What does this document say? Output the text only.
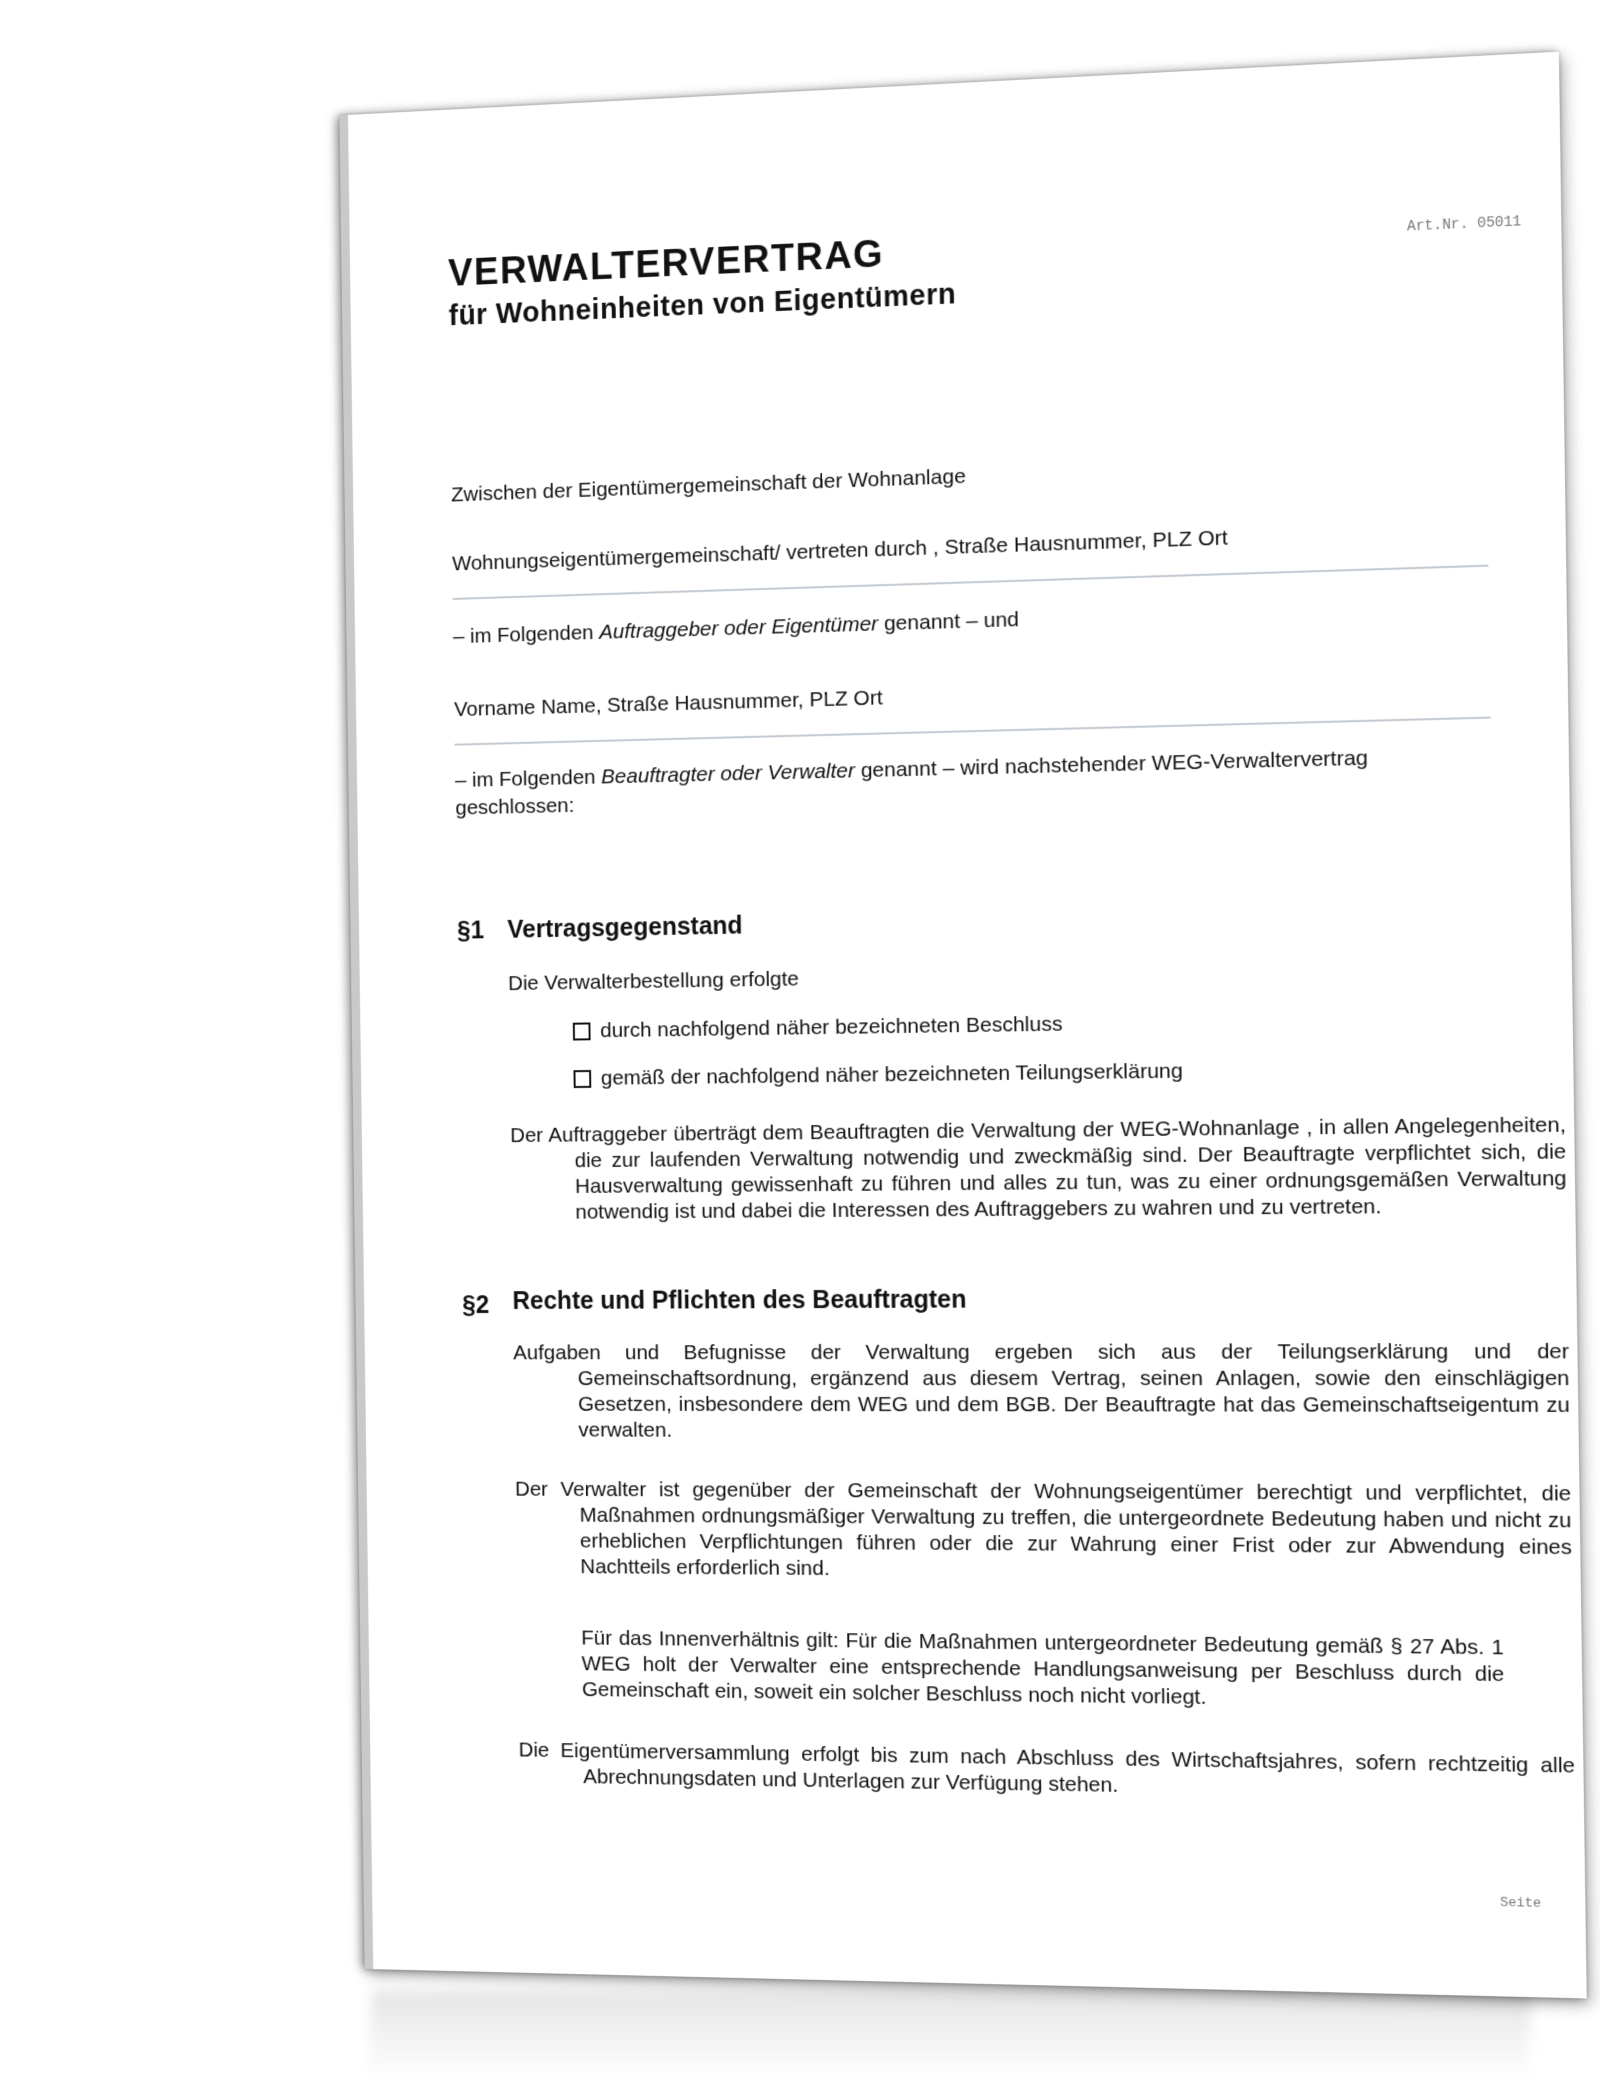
Art.Nr. 05011
VERWALTERVERTRAG
für Wohneinheiten von Eigentümern

Zwischen der Eigentümergemeinschaft der Wohnanlage

Wohnungseigentümergemeinschaft/ vertreten durch , Straße Hausnummer, PLZ Ort

– im Folgenden Auftraggeber oder Eigentümer genannt – und

Vorname Name, Straße Hausnummer, PLZ Ort

– im Folgenden Beauftragter oder Verwalter genannt – wird nachstehender WEG-Verwaltervertrag geschlossen:

§1 Vertragsgegenstand

Die Verwalterbestellung erfolgte

durch nachfolgend näher bezeichneten Beschluss
gemäß der nachfolgend näher bezeichneten Teilungserklärung

Der Auftraggeber überträgt dem Beauftragten die Verwaltung der WEG-Wohnanlage , in allen Angelegenheiten, die zur laufenden Verwaltung notwendig und zweckmäßig sind. Der Beauftragte verpflichtet sich, die Hausverwaltung gewissenhaft zu führen und alles zu tun, was zu einer ordnungsgemäßen Verwaltung notwendig ist und dabei die Interessen des Auftraggebers zu wahren und zu vertreten.

§2 Rechte und Pflichten des Beauftragten

Aufgaben und Befugnisse der Verwaltung ergeben sich aus der Teilungserklärung und der Gemeinschaftsordnung, ergänzend aus diesem Vertrag, seinen Anlagen, sowie den einschlägigen Gesetzen, insbesondere dem WEG und dem BGB. Der Beauftragte hat das Gemeinschaftseigentum zu verwalten.

Der Verwalter ist gegenüber der Gemeinschaft der Wohnungseigentümer berechtigt und verpflichtet, die Maßnahmen ordnungsmäßiger Verwaltung zu treffen, die untergeordnete Bedeutung haben und nicht zu erheblichen Verpflichtungen führen oder die zur Wahrung einer Frist oder zur Abwendung eines Nachtteils erforderlich sind.

Für das Innenverhältnis gilt: Für die Maßnahmen untergeordneter Bedeutung gemäß § 27 Abs. 1 WEG holt der Verwalter eine entsprechende Handlungsanweisung per Beschluss durch die Gemeinschaft ein, soweit ein solcher Beschluss noch nicht vorliegt.

Die Eigentümerversammlung erfolgt bis zum nach Abschluss des Wirtschaftsjahres, sofern rechtzeitig alle Abrechnungsdaten und Unterlagen zur Verfügung stehen.

Seite
